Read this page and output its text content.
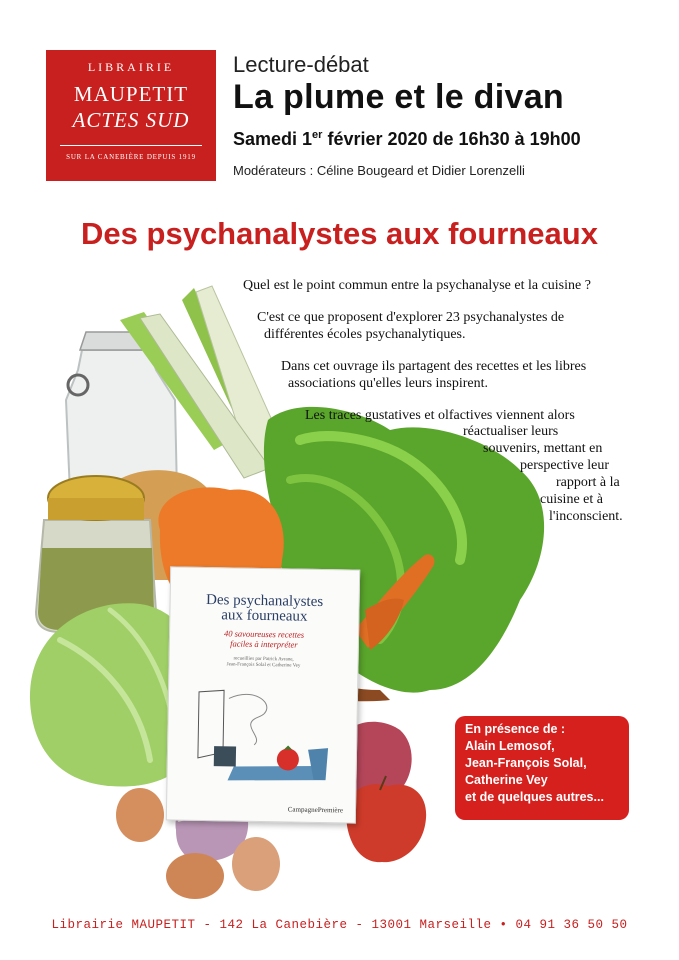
LIBRAIRIE
MAUPETIT
ACTES SUD
SUR LA CANEBIÈRE DEPUIS 1919
Lecture-débat
La plume et le divan
Samedi 1er février 2020 de 16h30 à 19h00
Modérateurs : Céline Bougeard et Didier Lorenzelli
Des psychanalystes aux fourneaux
Des psychanalystes
aux fourneaux
40 savoureuses recettes
faciles à interpréter
recueillies par Patrick Avrane,
Jean-François Solal et Catherine Vey
CampagnePremière
Quel est le point commun entre la psychanalyse et la cuisine ?
C'est ce que proposent d'explorer 23 psychanalystes de
différentes écoles psychanalytiques.
Dans cet ouvrage ils partagent des recettes et les libres
associations qu'elles leurs inspirent.
Les traces gustatives et olfactives viennent alors
réactualiser leurs
souvenirs, mettant en
perspective leur
rapport à la
cuisine et à
l'inconscient.
En présence de :
Alain Lemosof,
Jean-François Solal,
Catherine Vey
et de quelques autres...
Librairie MAUPETIT - 142 La Canebière - 13001 Marseille • 04 91 36 50 50
